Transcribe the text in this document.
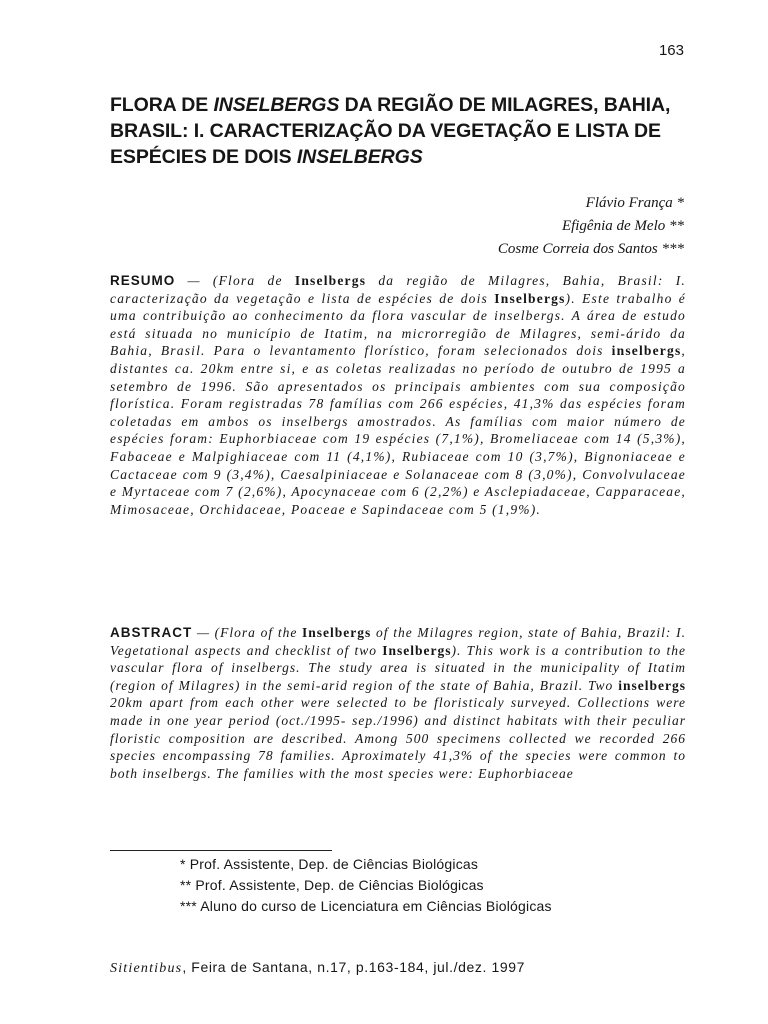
163
FLORA DE INSELBERGS DA REGIÃO DE MILAGRES, BAHIA, BRASIL: I. CARACTERIZAÇÃO DA VEGETAÇÃO E LISTA DE ESPÉCIES DE DOIS INSELBERGS
Flávio França *
Efigênia de Melo **
Cosme Correia dos Santos ***

RESUMO — (Flora de Inselbergs da região de Milagres, Bahia, Brasil: I. caracterização da vegetação e lista de espécies de dois Inselbergs). Este trabalho é uma contribuição ao conhecimento da flora vascular de inselbergs. A área de estudo está situada no município de Itatim, na microrregião de Milagres, semi-árido da Bahia, Brasil. Para o levantamento florístico, foram selecionados dois inselbergs, distantes ca. 20km entre si, e as coletas realizadas no período de outubro de 1995 a setembro de 1996. São apresentados os principais ambientes com sua composição florística. Foram registradas 78 famílias com 266 espécies, 41,3% das espécies foram coletadas em ambos os inselbergs amostrados. As famílias com maior número de espécies foram: Euphorbiaceae com 19 espécies (7,1%), Bromeliaceae com 14 (5,3%), Fabaceae e Malpighiaceae com 11 (4,1%), Rubiaceae com 10 (3,7%), Bignoniaceae e Cactaceae com 9 (3,4%), Caesalpiniaceae e Solanaceae com 8 (3,0%), Convolvulaceae e Myrtaceae com 7 (2,6%), Apocynaceae com 6 (2,2%) e Asclepiadaceae, Capparaceae, Mimosaceae, Orchidaceae, Poaceae e Sapindaceae com 5 (1,9%).

ABSTRACT — (Flora of the Inselbergs of the Milagres region, state of Bahia, Brazil: I. Vegetational aspects and checklist of two Inselbergs). This work is a contribution to the vascular flora of inselbergs. The study area is situated in the municipality of Itatim (region of Milagres) in the semi-arid region of the state of Bahia, Brazil. Two inselbergs 20km apart from each other were selected to be floristicaly surveyed. Collections were made in one year period (oct./1995- sep./1996) and distinct habitats with their peculiar floristic composition are described. Among 500 specimens collected we recorded 266 species encompassing 78 families. Aproximately 41,3% of the species were common to both inselbergs. The families with the most species were: Euphorbiaceae

* Prof. Assistente, Dep. de Ciências Biológicas
** Prof. Assistente, Dep. de Ciências Biológicas
*** Aluno do curso de Licenciatura em Ciências Biológicas
Sitientibus, Feira de Santana, n.17, p.163-184, jul./dez. 1997
